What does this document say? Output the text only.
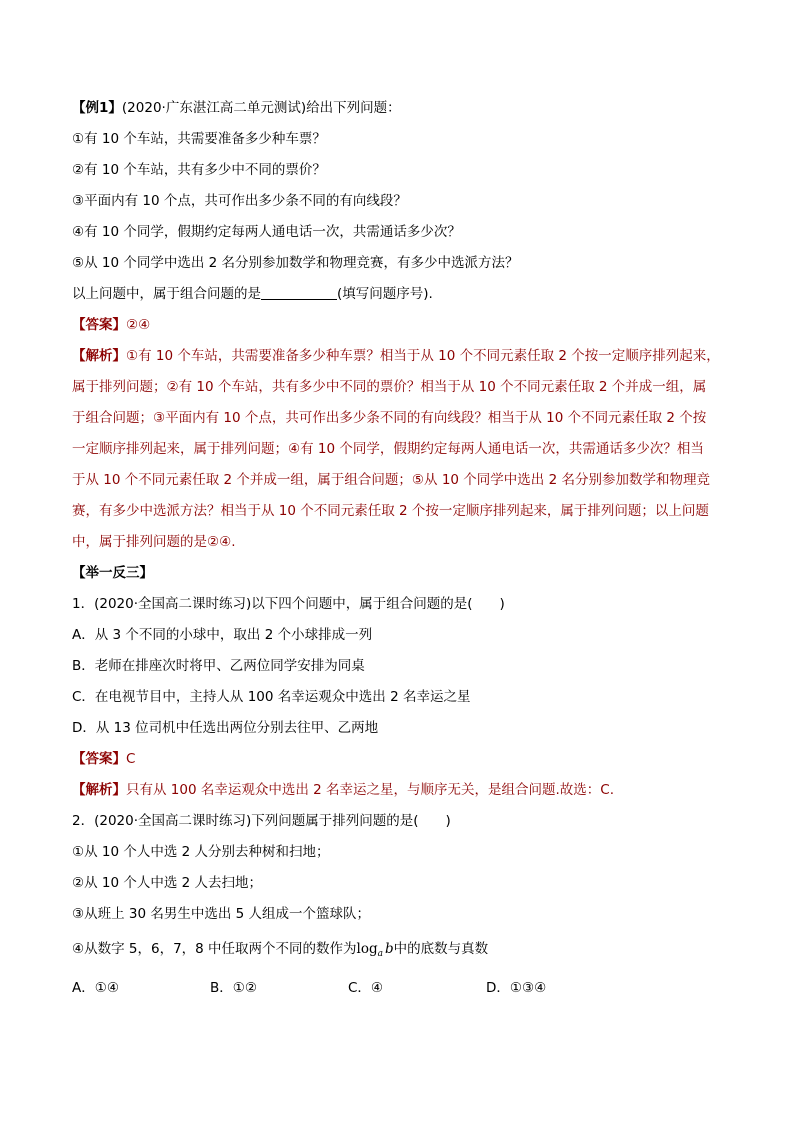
【例1】(2020·广东湛江高二单元测试)给出下列问题：

①有 10 个车站，共需要准备多少种车票？

②有 10 个车站，共有多少中不同的票价？

③平面内有 10 个点，共可作出多少条不同的有向线段？

④有 10 个同学，假期约定每两人通电话一次，共需通话多少次？

⑤从 10 个同学中选出 2 名分别参加数学和物理竞赛，有多少中选派方法？

以上问题中，属于组合问题的是	(填写问题序号).

【答案】②④

【解析】①有 10 个车站，共需要准备多少种车票？相当于从 10 个不同元素任取 2 个按一定顺序排列起来，

属于排列问题；②有 10 个车站，共有多少中不同的票价？相当于从 10 个不同元素任取 2 个并成一组，属

于组合问题；③平面内有 10 个点，共可作出多少条不同的有向线段？相当于从 10 个不同元素任取 2 个按

一定顺序排列起来，属于排列问题；④有 10 个同学，假期约定每两人通电话一次，共需通话多少次？相当

于从 10 个不同元素任取 2 个并成一组，属于组合问题；⑤从 10 个同学中选出 2 名分别参加数学和物理竞

赛，有多少中选派方法？相当于从 10 个不同元素任取 2 个按一定顺序排列起来，属于排列问题；以上问题

中，属于排列问题的是②④.

【举一反三】

1．(2020·全国高二课时练习)以下四个问题中，属于组合问题的是(　　)

A．从 3 个不同的小球中，取出 2 个小球排成一列

B．老师在排座次时将甲、乙两位同学安排为同桌

C．在电视节目中，主持人从 100 名幸运观众中选出 2 名幸运之星

D．从 13 位司机中任选出两位分别去往甲、乙两地

【答案】C

【解析】只有从 100 名幸运观众中选出 2 名幸运之星，与顺序无关，是组合问题.故选：C.

2．(2020·全国高二课时练习)下列问题属于排列问题的是(　　)

①从 10 个人中选 2 人分别去种树和扫地；

②从 10 个人中选 2 人去扫地；

③从班上 30 名男生中选出 5 人组成一个篮球队；

④从数字 5，6，7，8 中任取两个不同的数作为$\log_a b$中的底数与真数

A．①④	B．①②	C．④	D．①③④
